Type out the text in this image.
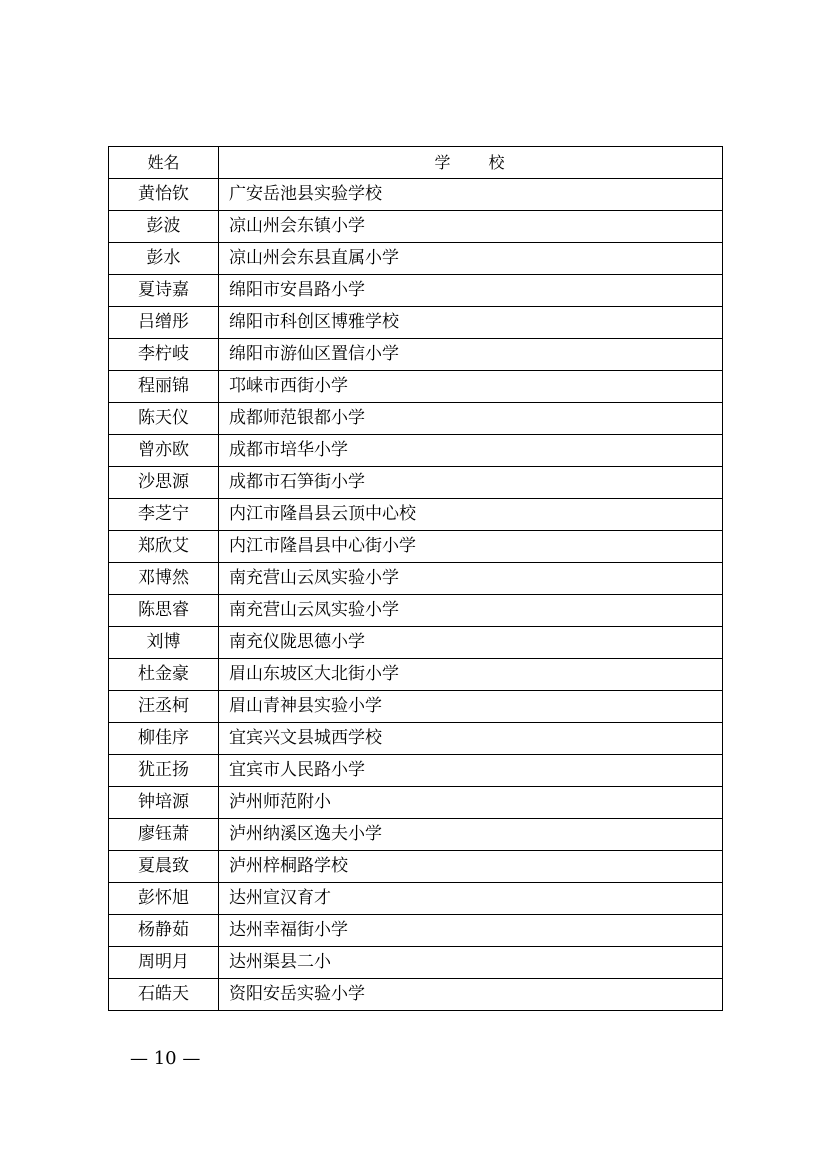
姓名	学　　校
黄怡钦	广安岳池县实验学校
彭波	凉山州会东镇小学
彭水	凉山州会东县直属小学
夏诗嘉	绵阳市安昌路小学
吕缯彤	绵阳市科创区博雅学校
李柠岐	绵阳市游仙区置信小学
程丽锦	邛崃市西街小学
陈天仪	成都师范银都小学
曾亦欧	成都市培华小学
沙思源	成都市石笋街小学
李芝宁	内江市隆昌县云顶中心校
郑欣艾	内江市隆昌县中心街小学
邓博然	南充营山云凤实验小学
陈思睿	南充营山云凤实验小学
刘博	南充仪陇思德小学
杜金豪	眉山东坡区大北街小学
汪丞柯	眉山青神县实验小学
柳佳序	宜宾兴文县城西学校
犹正扬	宜宾市人民路小学
钟培源	泸州师范附小
廖钰萧	泸州纳溪区逸夫小学
夏晨致	泸州梓桐路学校
彭怀旭	达州宣汉育才
杨静茹	达州幸福街小学
周明月	达州渠县二小
石皓天	资阳安岳实验小学
— 10 —
